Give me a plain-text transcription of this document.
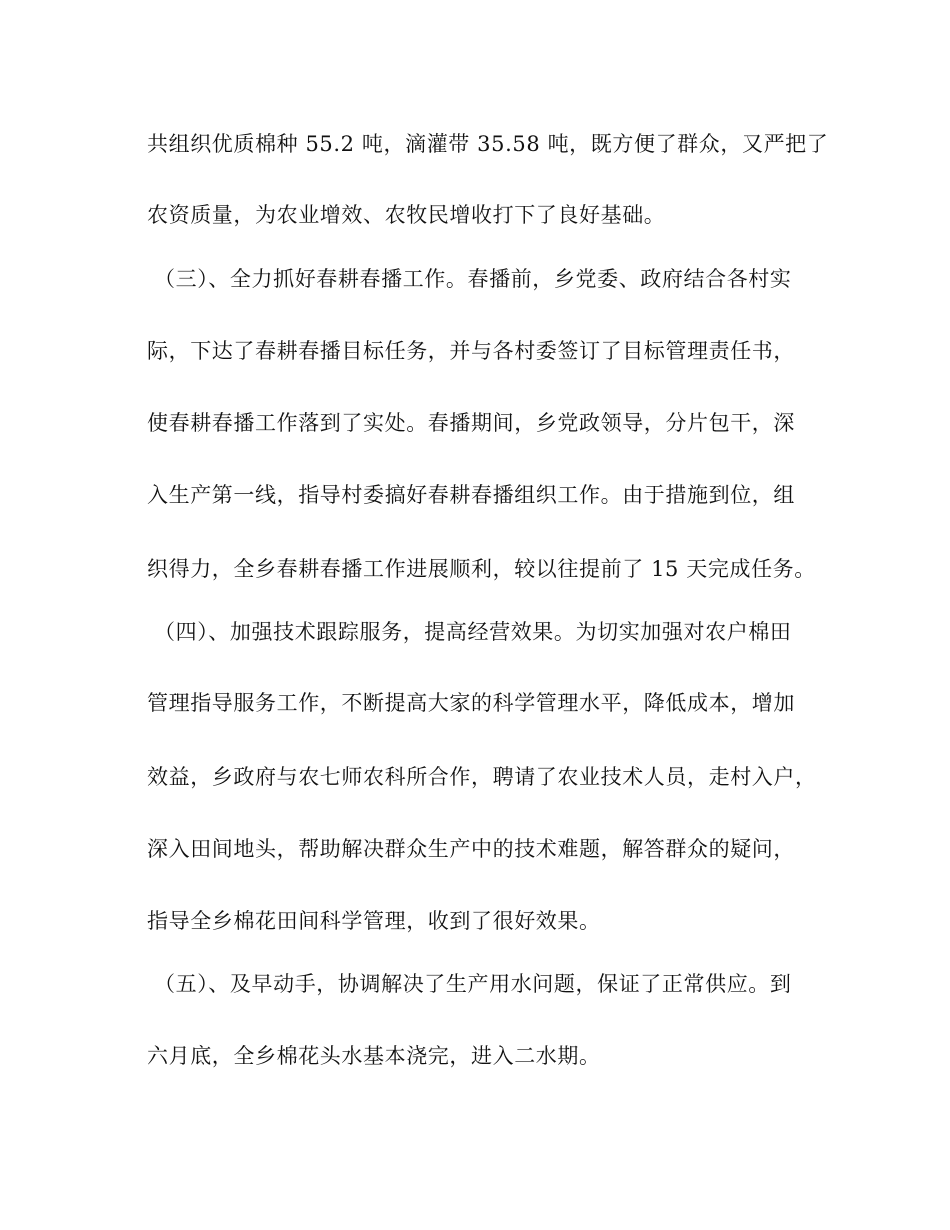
共组织优质棉种 55.2 吨，滴灌带 35.58 吨，既方便了群众，又严把了
农资质量，为农业增效、农牧民增收打下了良好基础。
（三）、全力抓好春耕春播工作。春播前，乡党委、政府结合各村实
际，下达了春耕春播目标任务，并与各村委签订了目标管理责任书，
使春耕春播工作落到了实处。春播期间，乡党政领导，分片包干，深
入生产第一线，指导村委搞好春耕春播组织工作。由于措施到位，组
织得力，全乡春耕春播工作进展顺利，较以往提前了 15 天完成任务。
（四）、加强技术跟踪服务，提高经营效果。为切实加强对农户棉田
管理指导服务工作，不断提高大家的科学管理水平，降低成本，增加
效益，乡政府与农七师农科所合作，聘请了农业技术人员，走村入户，
深入田间地头，帮助解决群众生产中的技术难题，解答群众的疑问，
指导全乡棉花田间科学管理，收到了很好效果。
（五）、及早动手，协调解决了生产用水问题，保证了正常供应。到
六月底，全乡棉花头水基本浇完，进入二水期。
